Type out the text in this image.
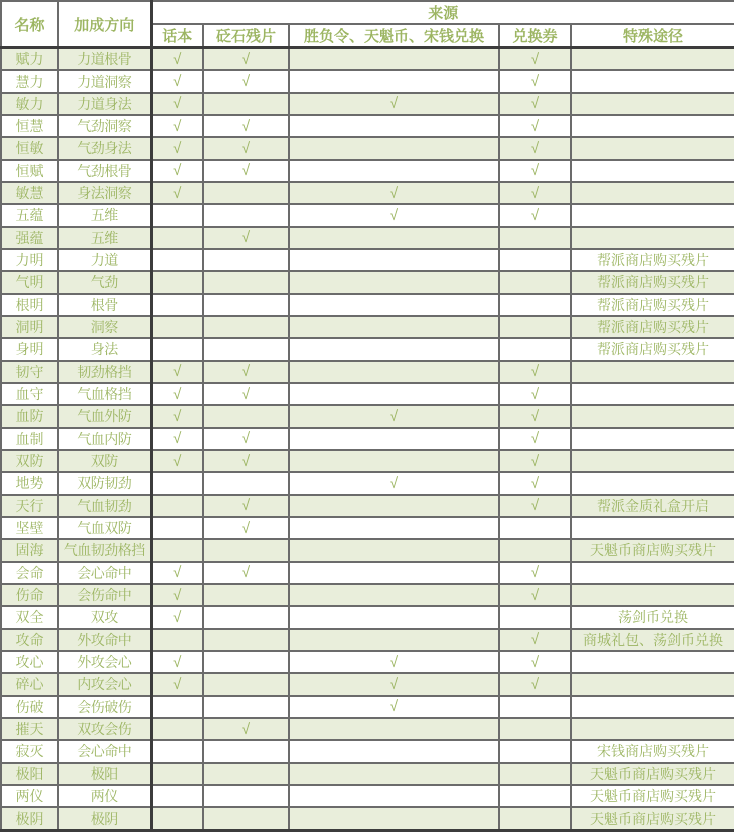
名称	加成方向	来源				
		话本	砭石残片	胜负令、天魁币、宋钱兑换	兑换券	特殊途径
赋力	力道根骨	√	√		√	
慧力	力道洞察	√	√		√	
敏力	力道身法	√		√	√	
恒慧	气劲洞察	√	√		√	
恒敏	气劲身法	√	√		√	
恒赋	气劲根骨	√	√		√	
敏慧	身法洞察	√		√	√	
五蕴	五维			√	√	
强蕴	五维		√			
力明	力道					帮派商店购买残片
气明	气劲					帮派商店购买残片
根明	根骨					帮派商店购买残片
洞明	洞察					帮派商店购买残片
身明	身法					帮派商店购买残片
韧守	韧劲格挡	√	√		√	
血守	气血格挡	√	√		√	
血防	气血外防	√		√	√	
血制	气血内防	√	√		√	
双防	双防	√	√		√	
地势	双防韧劲			√	√	
天行	气血韧劲		√		√	帮派金质礼盒开启
坚壁	气血双防		√			
固海	气血韧劲格挡					天魁币商店购买残片
会命	会心命中	√	√		√	
伤命	会伤命中	√			√	
双全	双攻	√				荡剑币兑换
攻命	外攻命中				√	商城礼包、荡剑币兑换
攻心	外攻会心	√		√	√	
碎心	内攻会心	√		√	√	
伤破	会伤破伤			√		
摧天	双攻会伤		√			
寂灭	会心命中					宋钱商店购买残片
极阳	极阳					天魁币商店购买残片
两仪	两仪					天魁币商店购买残片
极阴	极阴					天魁币商店购买残片
